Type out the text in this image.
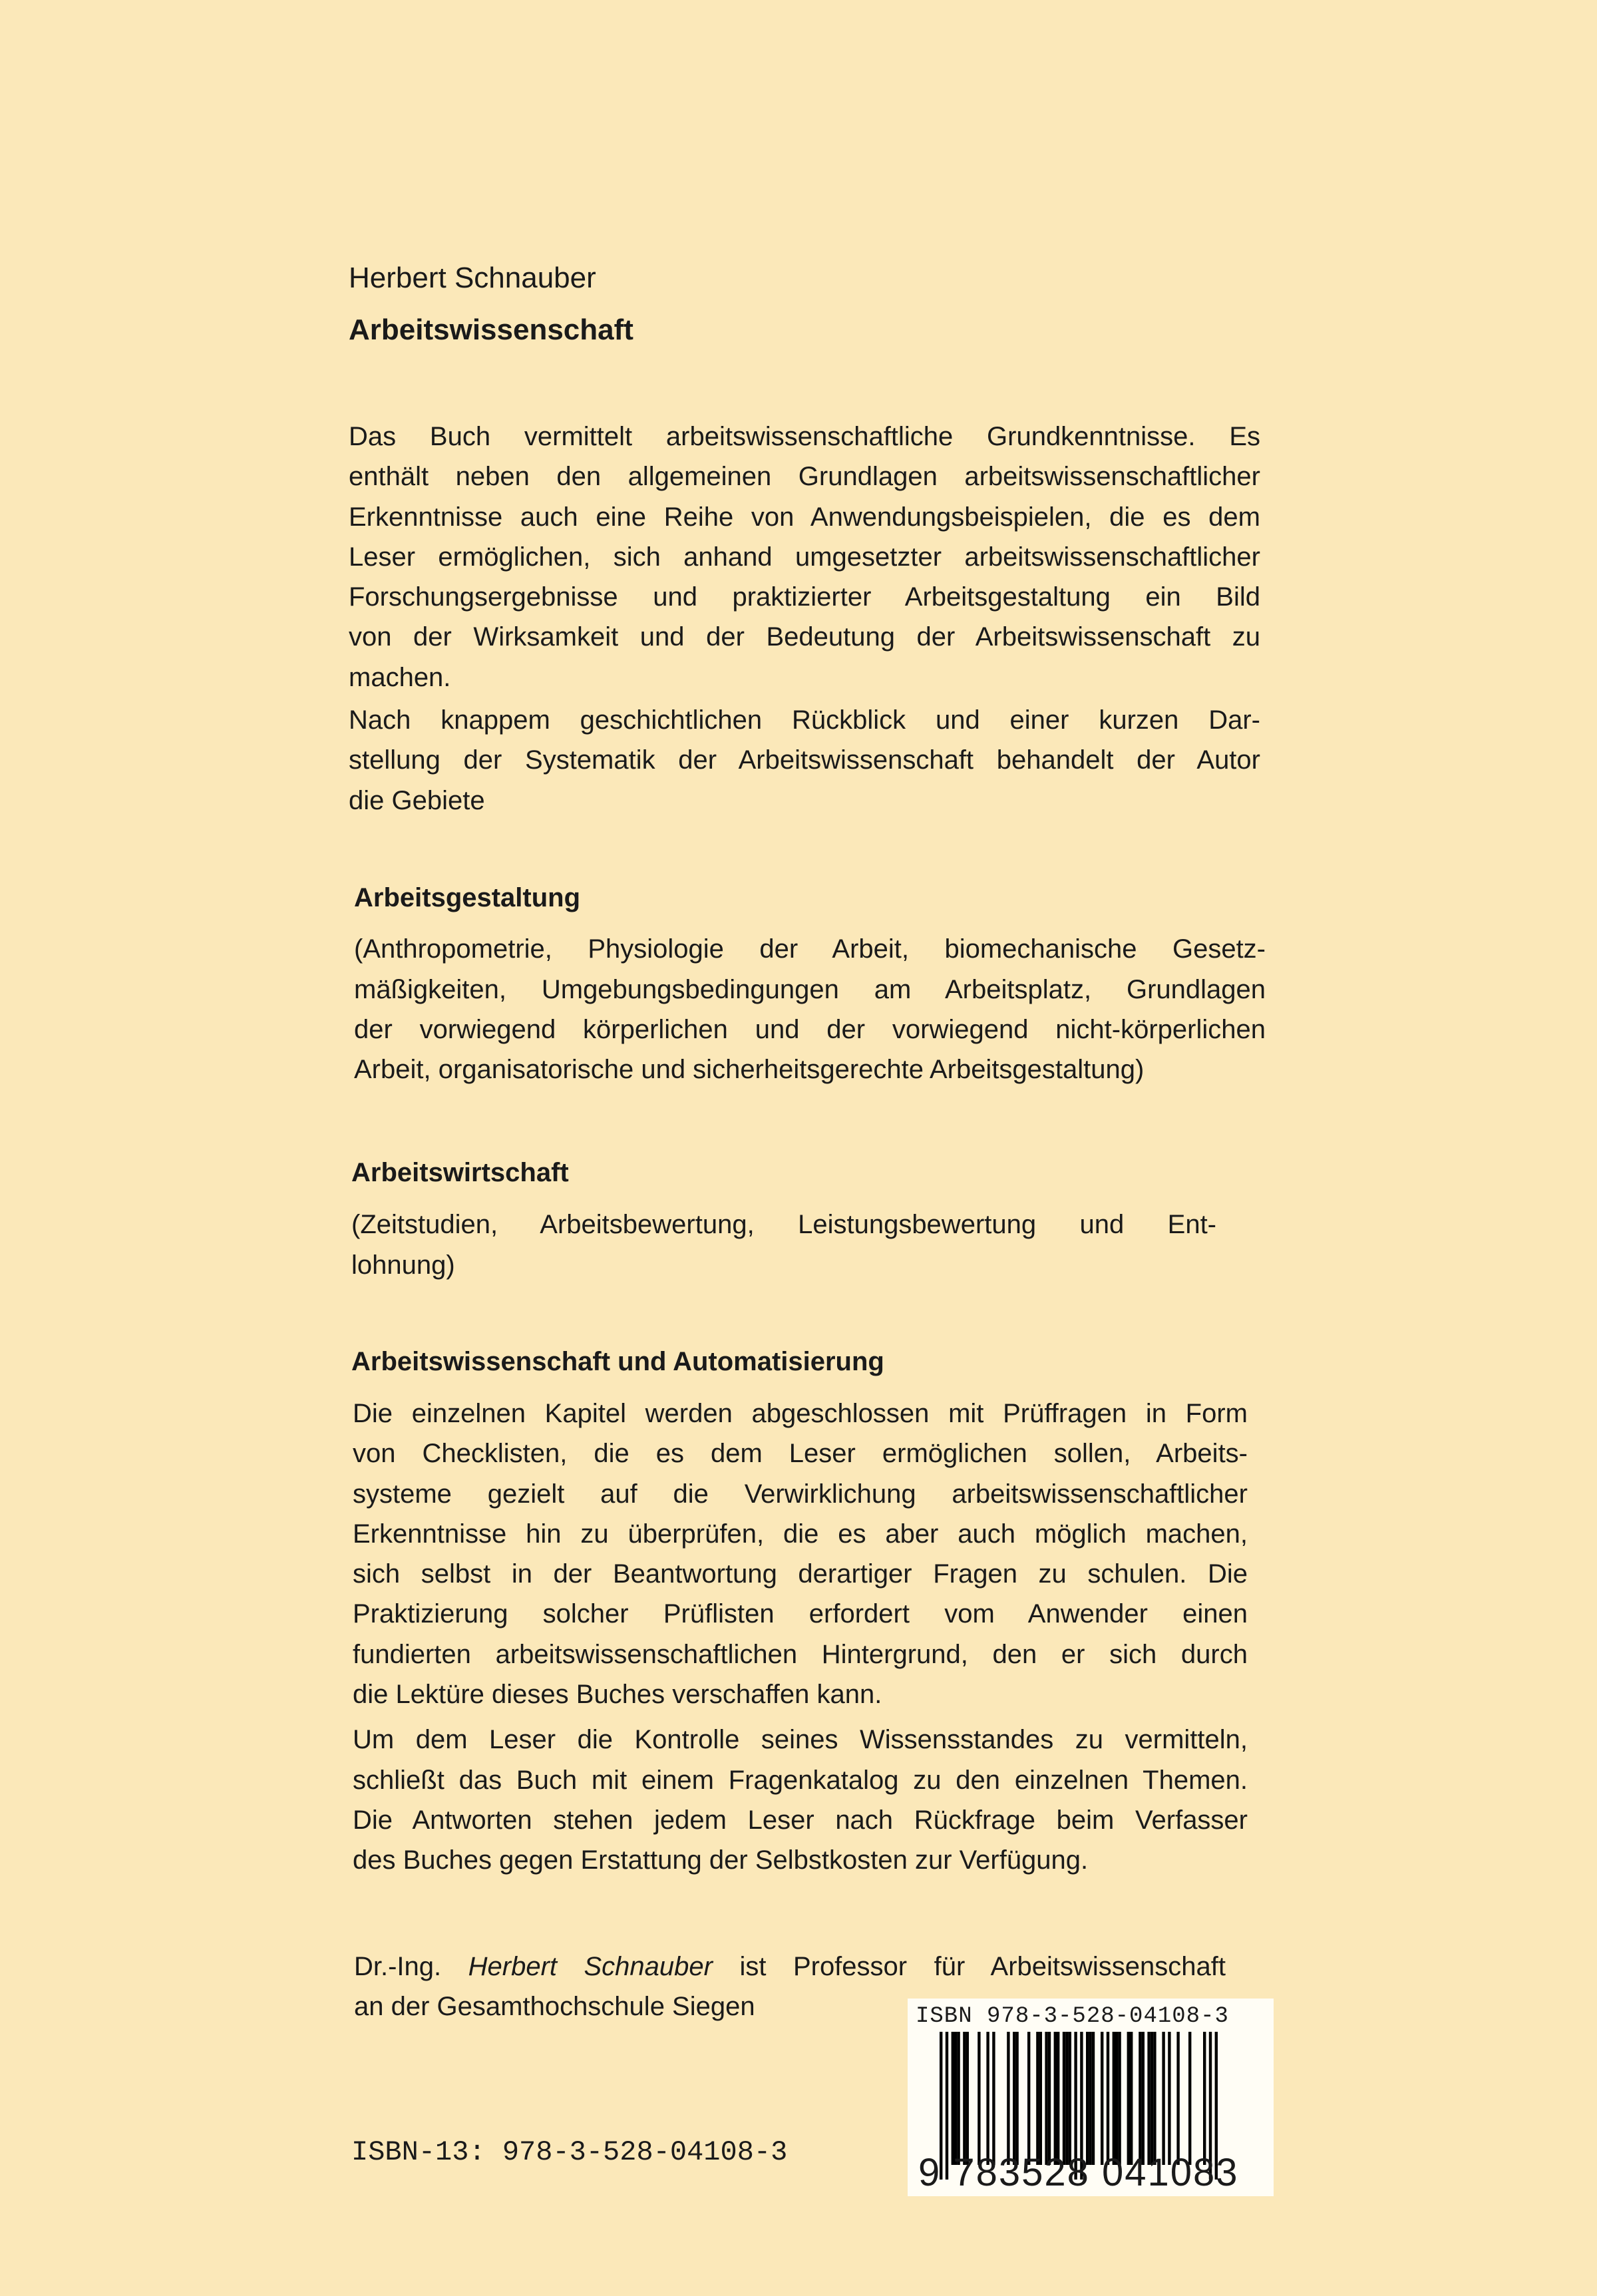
Herbert Schnauber
Arbeitswissenschaft
Das Buch vermittelt arbeitswissenschaftliche Grundkenntnisse. Es
enthält neben den allgemeinen Grundlagen arbeitswissenschaftlicher
Erkenntnisse auch eine Reihe von Anwendungsbeispielen, die es dem
Leser ermöglichen, sich anhand umgesetzter arbeitswissenschaftlicher
Forschungsergebnisse und praktizierter Arbeitsgestaltung ein Bild
von der Wirksamkeit und der Bedeutung der Arbeitswissenschaft zu
machen.
Nach knappem geschichtlichen Rückblick und einer kurzen Dar-
stellung der Systematik der Arbeitswissenschaft behandelt der Autor
die Gebiete
Arbeitsgestaltung
(Anthropometrie, Physiologie der Arbeit, biomechanische Gesetz-
mäßigkeiten, Umgebungsbedingungen am Arbeitsplatz, Grundlagen
der vorwiegend körperlichen und der vorwiegend nicht-körperlichen
Arbeit, organisatorische und sicherheitsgerechte Arbeitsgestaltung)
Arbeitswirtschaft
(Zeitstudien, Arbeitsbewertung, Leistungsbewertung und Ent-
lohnung)
Arbeitswissenschaft und Automatisierung
Die einzelnen Kapitel werden abgeschlossen mit Prüffragen in Form
von Checklisten, die es dem Leser ermöglichen sollen, Arbeits-
systeme gezielt auf die Verwirklichung arbeitswissenschaftlicher
Erkenntnisse hin zu überprüfen, die es aber auch möglich machen,
sich selbst in der Beantwortung derartiger Fragen zu schulen. Die
Praktizierung solcher Prüflisten erfordert vom Anwender einen
fundierten arbeitswissenschaftlichen Hintergrund, den er sich durch
die Lektüre dieses Buches verschaffen kann.
Um dem Leser die Kontrolle seines Wissensstandes zu vermitteln,
schließt das Buch mit einem Fragenkatalog zu den einzelnen Themen.
Die Antworten stehen jedem Leser nach Rückfrage beim Verfasser
des Buches gegen Erstattung der Selbstkosten zur Verfügung.
Dr.-Ing. Herbert Schnauber ist Professor für Arbeitswissenschaft
an der Gesamthochschule Siegen
ISBN-13: 978-3-528-04108-3
ISBN 978-3-528-04108-3
9 783528 041083
